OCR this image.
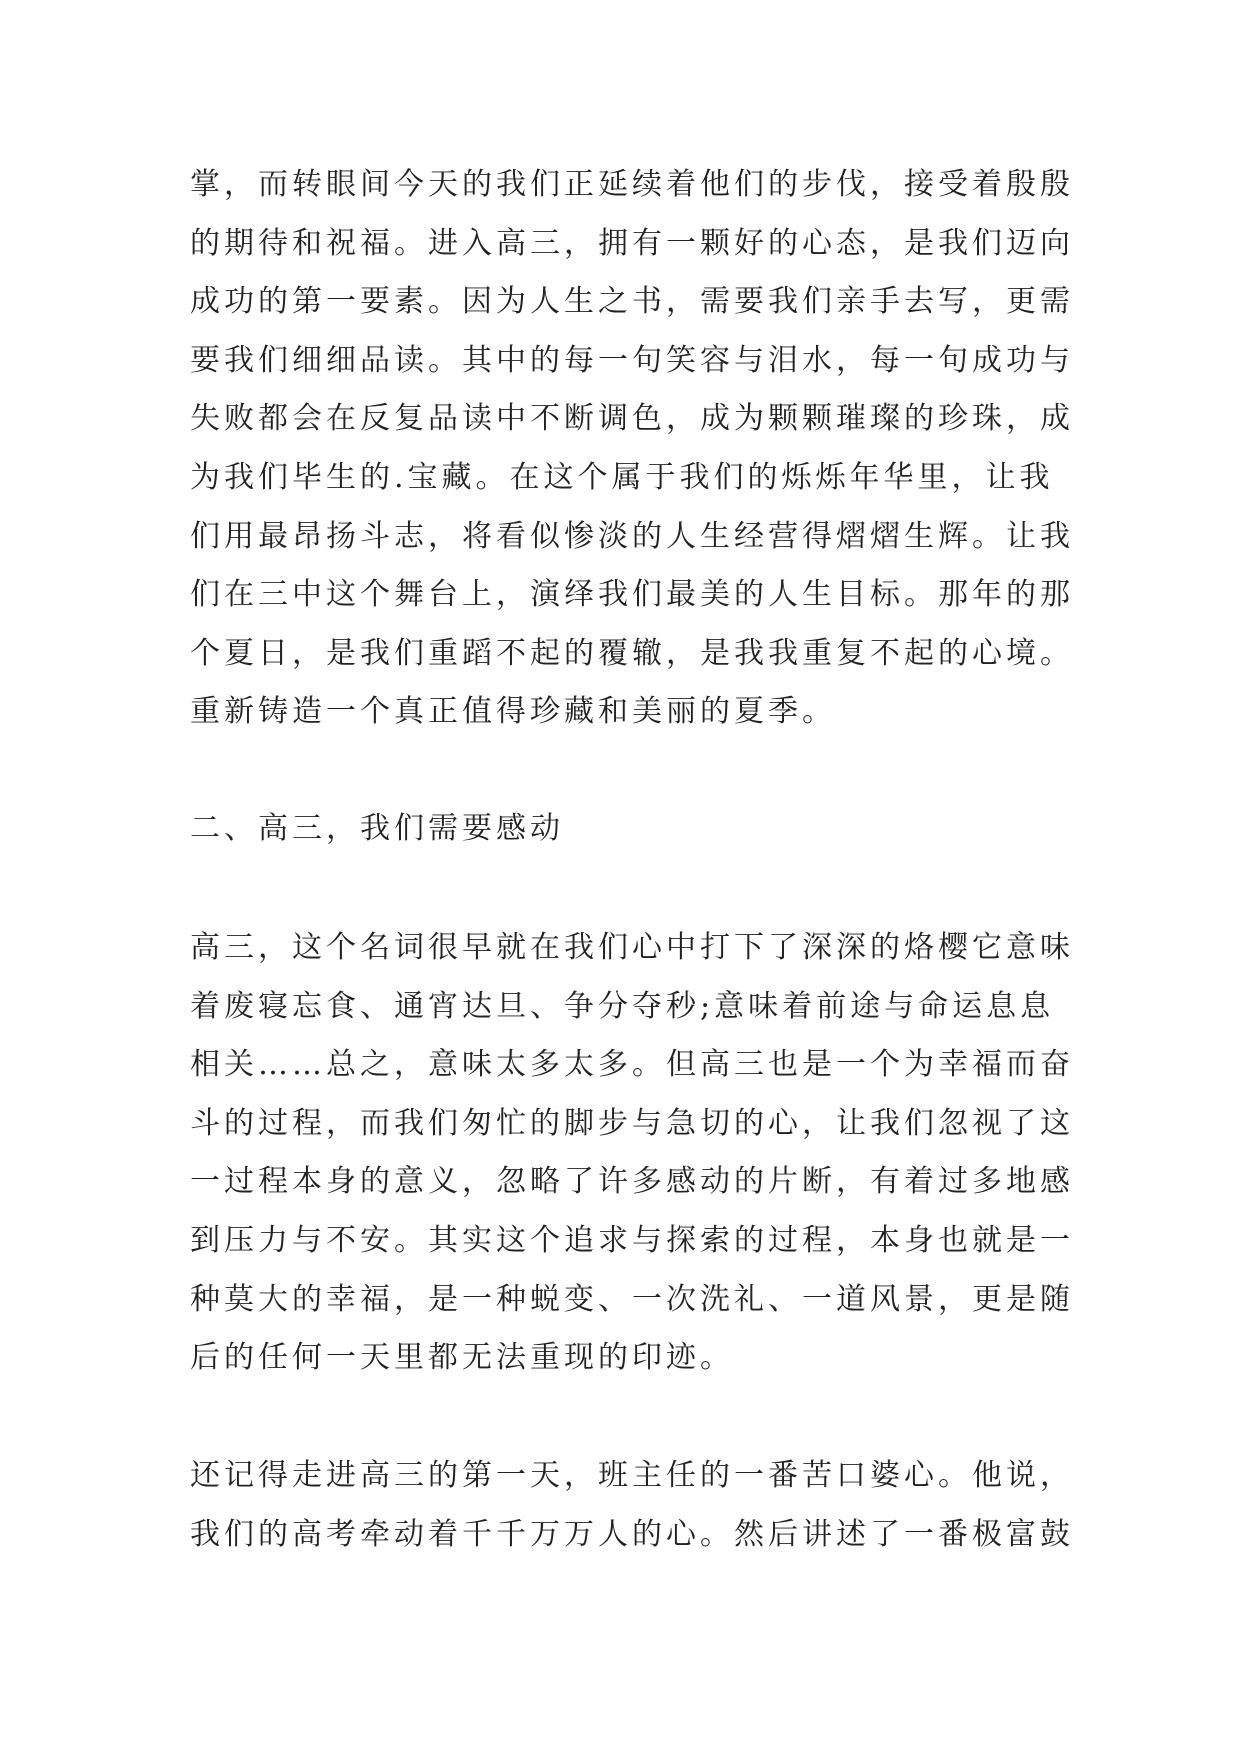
掌，而转眼间今天的我们正延续着他们的步伐，接受着殷殷
的期待和祝福。进入高三，拥有一颗好的心态，是我们迈向
成功的第一要素。因为人生之书，需要我们亲手去写，更需
要我们细细品读。其中的每一句笑容与泪水，每一句成功与
失败都会在反复品读中不断调色，成为颗颗璀璨的珍珠，成
为我们毕生的.宝藏。在这个属于我们的烁烁年华里，让我
们用最昂扬斗志，将看似惨淡的人生经营得熠熠生辉。让我
们在三中这个舞台上，演绎我们最美的人生目标。那年的那
个夏日，是我们重蹈不起的覆辙，是我我重复不起的心境。
重新铸造一个真正值得珍藏和美丽的夏季。
二、高三，我们需要感动
高三，这个名词很早就在我们心中打下了深深的烙樱它意味
着废寝忘食、通宵达旦、争分夺秒;意味着前途与命运息息
相关……总之，意味太多太多。但高三也是一个为幸福而奋
斗的过程，而我们匆忙的脚步与急切的心，让我们忽视了这
一过程本身的意义，忽略了许多感动的片断，有着过多地感
到压力与不安。其实这个追求与探索的过程，本身也就是一
种莫大的幸福，是一种蜕变、一次洗礼、一道风景，更是随
后的任何一天里都无法重现的印迹。
还记得走进高三的第一天，班主任的一番苦口婆心。他说，
我们的高考牵动着千千万万人的心。然后讲述了一番极富鼓
